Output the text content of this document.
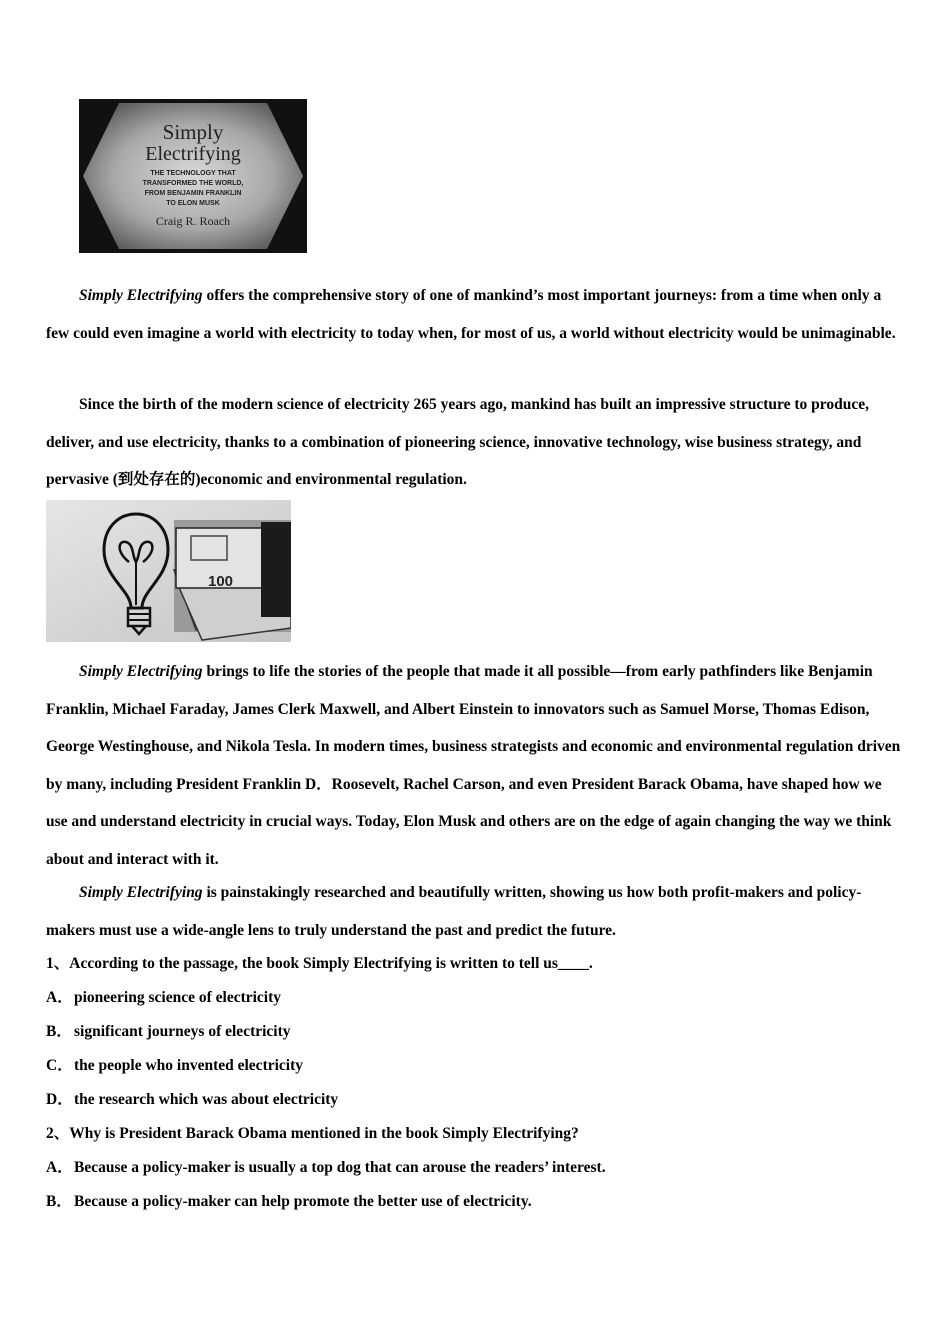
Simply
Electrifying
THE TECHNOLOGY THAT
TRANSFORMED THE WORLD,
FROM BENJAMIN FRANKLIN
TO ELON MUSK
Craig R. Roach

Simply Electrifying offers the comprehensive story of one of mankind’s most important journeys: from a time when only a few could even imagine a world with electricity to today when, for most of us, a world without electricity would be unimaginable.

Since the birth of the modern science of electricity 265 years ago, mankind has built an impressive structure to produce, deliver, and use electricity, thanks to a combination of pioneering science, innovative technology, wise business strategy, and pervasive (到处存在的)economic and environmental regulation.

100

Simply Electrifying brings to life the stories of the people that made it all possible—from early pathfinders like Benjamin Franklin, Michael Faraday, James Clerk Maxwell, and Albert Einstein to innovators such as Samuel Morse, Thomas Edison, George Westinghouse, and Nikola Tesla. In modern times, business strategists and economic and environmental regulation driven by many, including President Franklin D．Roosevelt, Rachel Carson, and even President Barack Obama, have shaped how we use and understand electricity in crucial ways. Today, Elon Musk and others are on the edge of again changing the way we think about and interact with it.

Simply Electrifying is painstakingly researched and beautifully written, showing us how both profit-makers and policy-makers must use a wide-angle lens to truly understand the past and predict the future.

1、According to the passage, the book Simply Electrifying is written to tell us____.

A．pioneering science of electricity

B． significant journeys of electricity

C．the people who invented electricity

D．the research which was about electricity

2、Why is President Barack Obama mentioned in the book Simply Electrifying?

A．Because a policy-maker is usually a top dog that can arouse the readers’ interest.

B． Because a policy-maker can help promote the better use of electricity.
